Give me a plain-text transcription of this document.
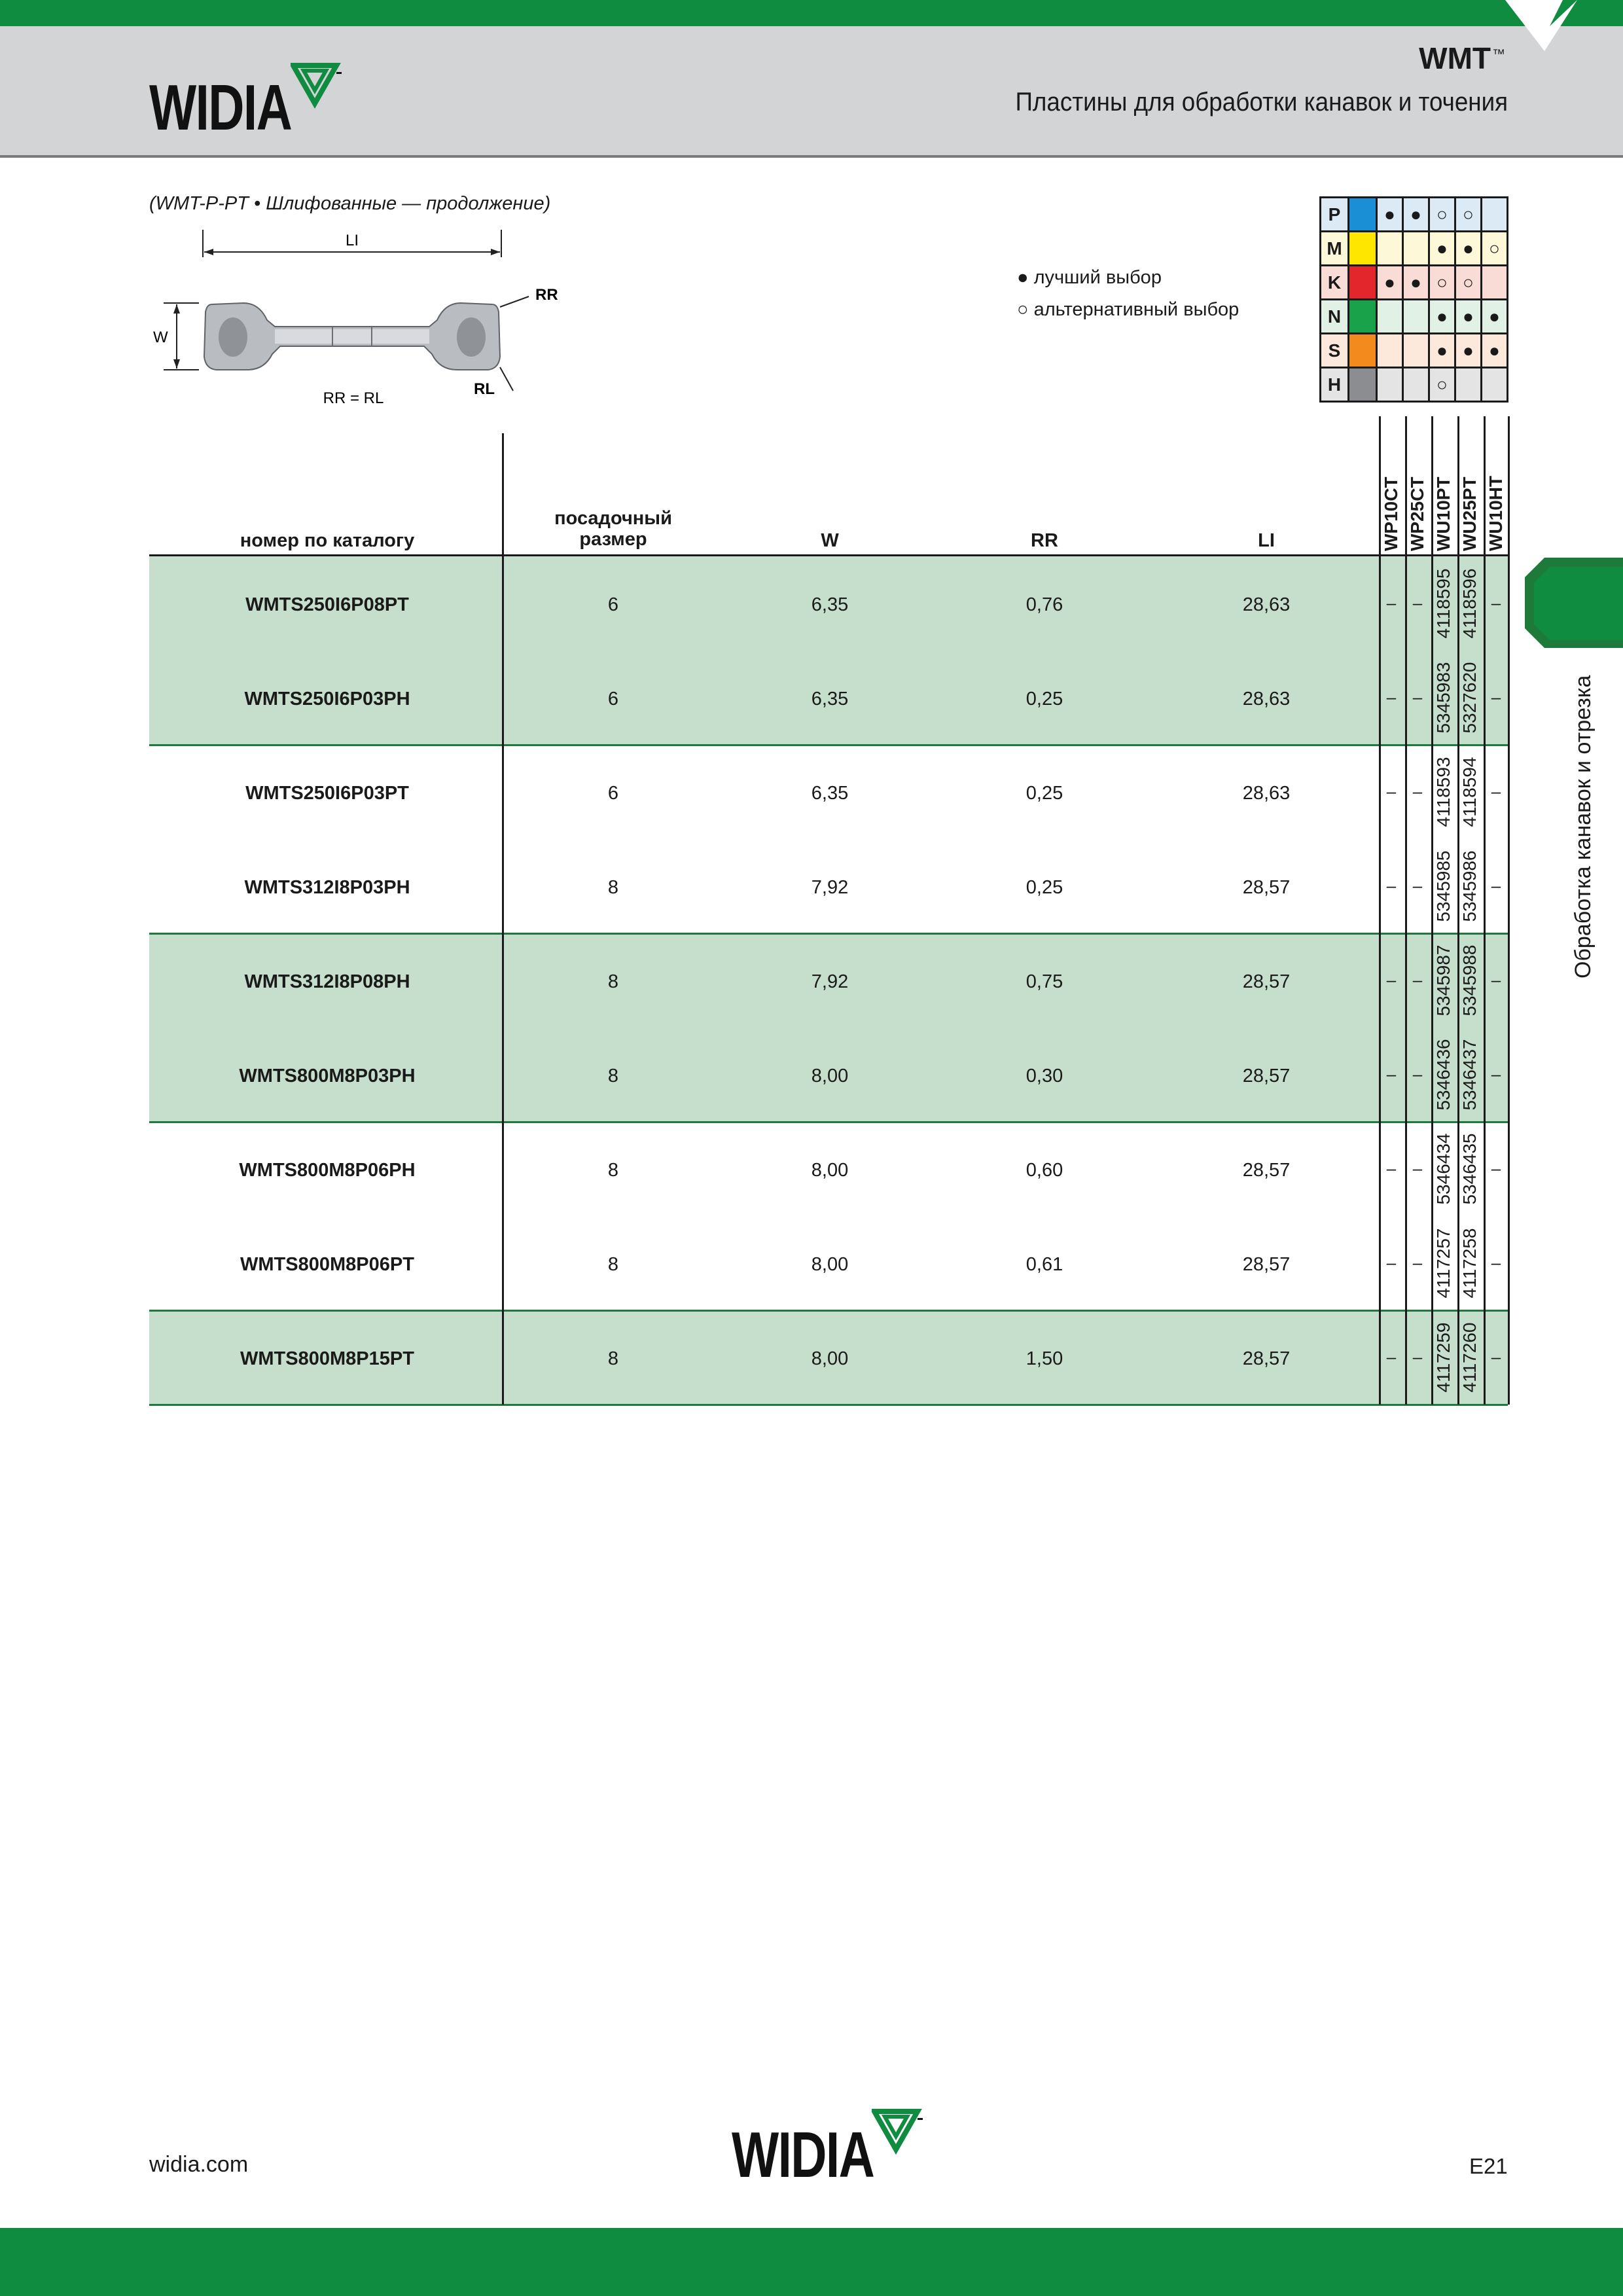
WIDIA
WMT ™
Пластины для обработки канавок и точения
(WMT-P-PT • Шлифованные — продолжение)
LI
W
RR
RL
RR = RL
● лучший выбор
○ альтернативный выбор
P		●	●	○	○	
M				●	●	○
K		●	●	○	○	
N				●	●	●
S				●	●	●
H				○		
номер по каталогу
посадочный размер	W	RR	LI	WP10CT WP25CT WU10PT WU25PT WU10HT
WMTS250I6P08PT	6	6,35	0,76	28,63	– – 4118595 4118596 –
WMTS250I6P03PH	6	6,35	0,25	28,63	– – 5345983 5327620 –
WMTS250I6P03PT	6	6,35	0,25	28,63	– – 4118593 4118594 –
WMTS312I8P03PH	8	7,92	0,25	28,57	– – 5345985 5345986 –
WMTS312I8P08PH	8	7,92	0,75	28,57	– – 5345987 5345988 –
WMTS800M8P03PH	8	8,00	0,30	28,57	– – 5346436 5346437 –
WMTS800M8P06PH	8	8,00	0,60	28,57	– – 5346434 5346435 –
WMTS800M8P06PT	8	8,00	0,61	28,57	– – 4117257 4117258 –
WMTS800M8P15PT	8	8,00	1,50	28,57	– – 4117259 4117260 –
Обработка канавок и отрезка
widia.com	WIDIA	E21
